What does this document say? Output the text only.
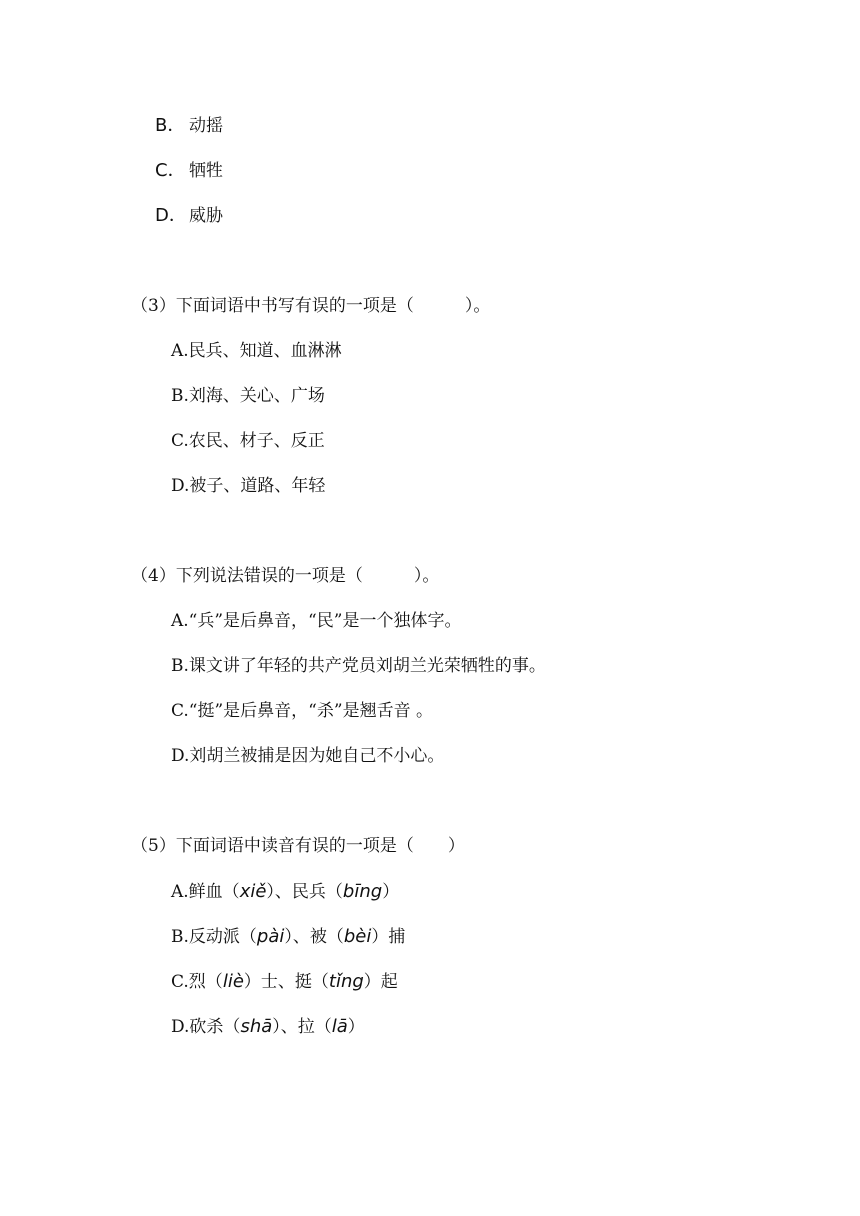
B． 动摇
C． 牺牲
D． 威胁
（3）下面词语中书写有误的一项是（　　　）。
A.民兵、知道、血淋淋
B.刘海、关心、广场
C.农民、材子、反正
D.被子、道路、年轻
（4）下列说法错误的一项是（　　　）。
A.“兵”是后鼻音，“民”是一个独体字。
B.课文讲了年轻的共产党员刘胡兰光荣牺牲的事。
C.“挺”是后鼻音，“杀”是翘舌音 。
D.刘胡兰被捕是因为她自己不小心。
（5）下面词语中读音有误的一项是（　　）
A.鲜血（xiě）、民兵（bīng）
B.反动派（pài）、被（bèi）捕
C.烈（liè）士、挺（tǐng）起
D.砍杀（shā）、拉（lā）
